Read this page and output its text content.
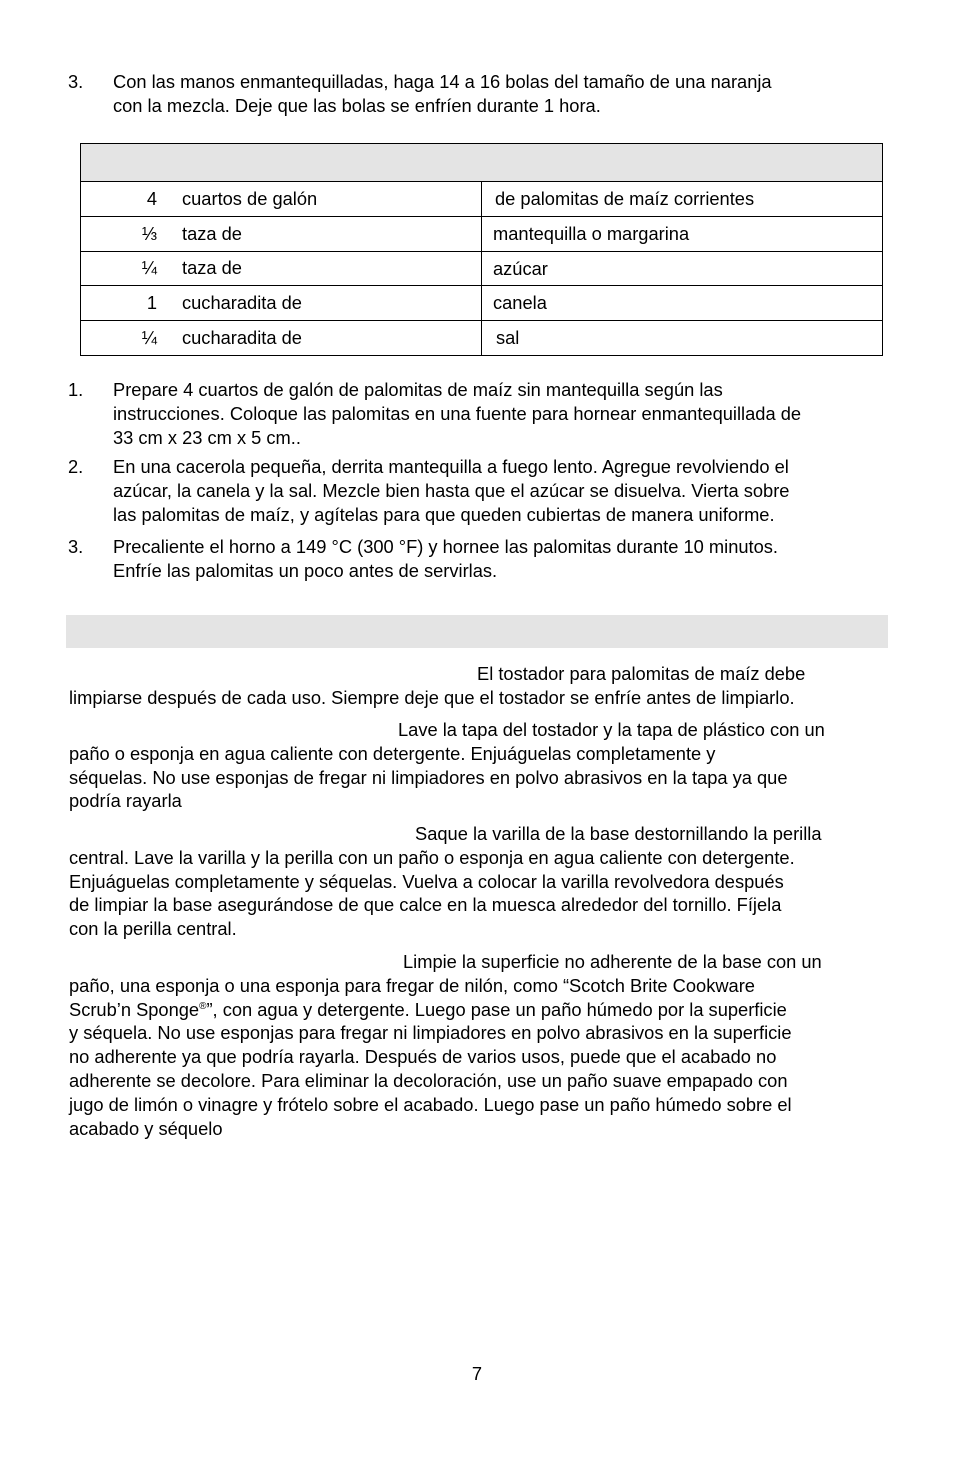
3. Con las manos enmantequilladas, haga 14 a 16 bolas del tamaño de una naranja
con la mezcla. Deje que las bolas se enfríen durante 1 hora.

4 cuartos de galón	de palomitas de maíz corrientes

⅓ taza de	mantequilla o margarina

¼ taza de	azúcar

1 cucharadita de	canela

¼ cucharadita de	sal
1. Prepare 4 cuartos de galón de palomitas de maíz sin mantequilla según las
instrucciones. Coloque las palomitas en una fuente para hornear enmantequillada de
33 cm x 23 cm x 5 cm..
2. En una cacerola pequeña, derrita mantequilla a fuego lento. Agregue revolviendo el
azúcar, la canela y la sal. Mezcle bien hasta que el azúcar se disuelva. Vierta sobre
las palomitas de maíz, y agítelas para que queden cubiertas de manera uniforme.
3. Precaliente el horno a 149 °C (300 °F) y hornee las palomitas durante 10 minutos.
Enfríe las palomitas un poco antes de servirlas.
El tostador para palomitas de maíz debe
limpiarse después de cada uso. Siempre deje que el tostador se enfríe antes de limpiarlo.
Lave la tapa del tostador y la tapa de plástico con un
paño o esponja en agua caliente con detergente. Enjuáguelas completamente y
séquelas. No use esponjas de fregar ni limpiadores en polvo abrasivos en la tapa ya que
podría rayarla
Saque la varilla de la base destornillando la perilla
central. Lave la varilla y la perilla con un paño o esponja en agua caliente con detergente.
Enjuáguelas completamente y séquelas. Vuelva a colocar la varilla revolvedora después
de limpiar la base asegurándose de que calce en la muesca alrededor del tornillo. Fíjela
con la perilla central.
Limpie la superficie no adherente de la base con un
paño, una esponja o una esponja para fregar de nilón, como “Scotch Brite Cookware
Scrub’n Sponge®”, con agua y detergente. Luego pase un paño húmedo por la superficie
y séquela. No use esponjas para fregar ni limpiadores en polvo abrasivos en la superficie
no adherente ya que podría rayarla. Después de varios usos, puede que el acabado no
adherente se decolore. Para eliminar la decoloración, use un paño suave empapado con
jugo de limón o vinagre y frótelo sobre el acabado. Luego pase un paño húmedo sobre el
acabado y séquelo
7
